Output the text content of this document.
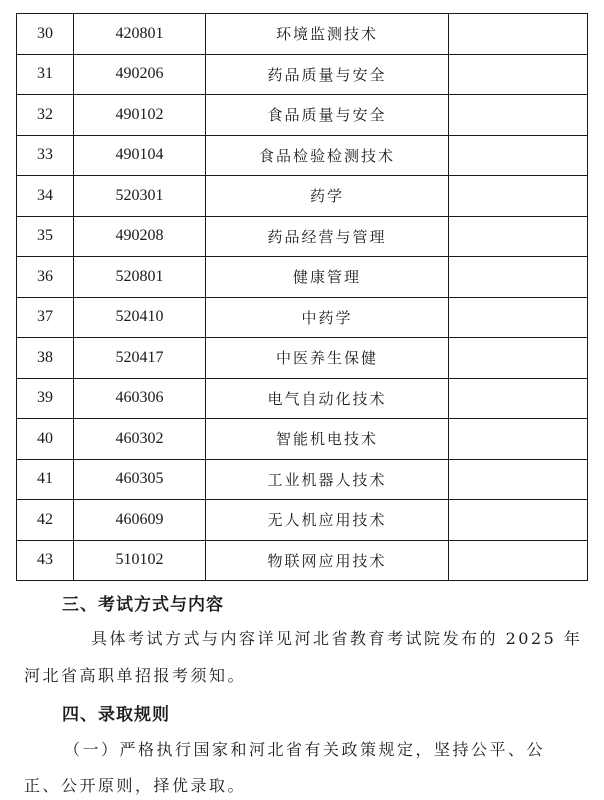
30	420801	环境监测技术	
31	490206	药品质量与安全	
32	490102	食品质量与安全	
33	490104	食品检验检测技术	
34	520301	药学	
35	490208	药品经营与管理	
36	520801	健康管理	
37	520410	中药学	
38	520417	中医养生保健	
39	460306	电气自动化技术	
40	460302	智能机电技术	
41	460305	工业机器人技术	
42	460609	无人机应用技术	
43	510102	物联网应用技术	
三、考试方式与内容
具体考试方式与内容详见河北省教育考试院发布的 2025 年
河北省高职单招报考须知。
四、录取规则
（一）严格执行国家和河北省有关政策规定，坚持公平、公
正、公开原则，择优录取。
